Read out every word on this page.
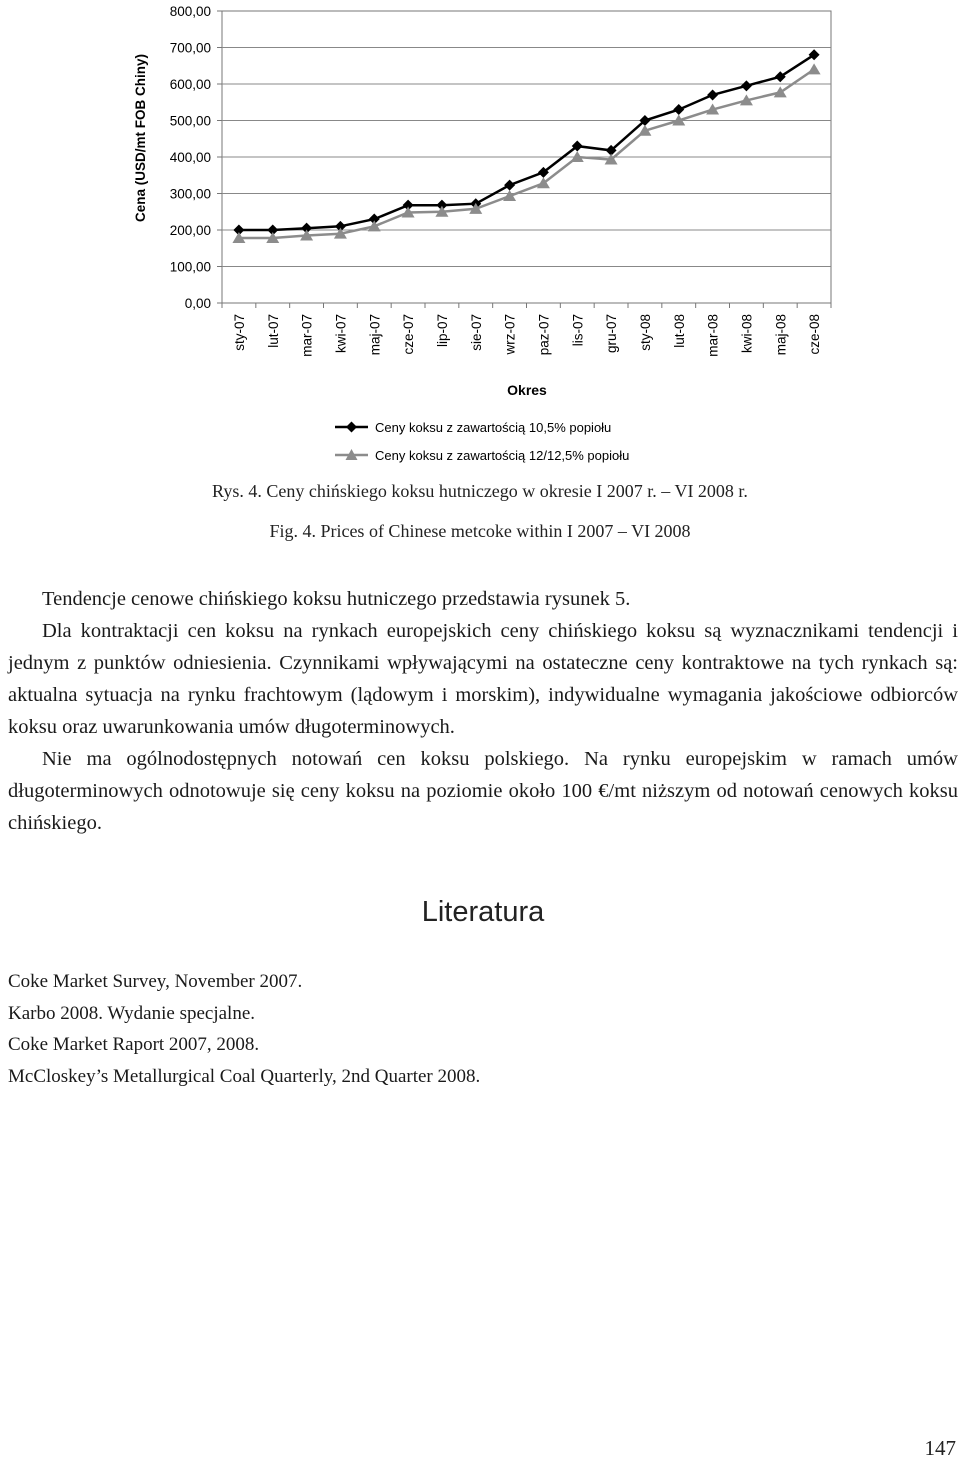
0,00
100,00
200,00
300,00
400,00
500,00
600,00
700,00
800,00
sty-07 lut-07 mar-07 kwi-07 maj-07 cze-07 lip-07 sie-07 wrz-07 paz-07 lis-07 gru-07 sty-08 lut-08 mar-08 kwi-08 maj-08 cze-08
Cena (USD/mt FOB Chiny)
Okres
Ceny koksu z zawartością 10,5% popiołu
Ceny koksu z zawartością 12/12,5% popiołu
Rys. 4. Ceny chińskiego koksu hutniczego w okresie I 2007 r. – VI 2008 r.
Fig. 4. Prices of Chinese metcoke within I 2007 – VI 2008

Tendencje cenowe chińskiego koksu hutniczego przedstawia rysunek 5.

Dla kontraktacji cen koksu na rynkach europejskich ceny chińskiego koksu są wyznacznikami tendencji i jednym z punktów odniesienia. Czynnikami wpływającymi na ostateczne ceny kontraktowe na tych rynkach są: aktualna sytuacja na rynku frachtowym (lądowym i morskim), indywidualne wymagania jakościowe odbiorców koksu oraz uwarunkowania umów długoterminowych.

Nie ma ogólnodostępnych notowań cen koksu polskiego. Na rynku europejskim w ramach umów długoterminowych odnotowuje się ceny koksu na poziomie około 100 €/mt niższym od notowań cenowych koksu chińskiego.

Literatura
Coke Market Survey, November 2007.
Karbo 2008. Wydanie specjalne.
Coke Market Raport 2007, 2008.
McCloskey’s Metallurgical Coal Quarterly, 2nd Quarter 2008.
147
